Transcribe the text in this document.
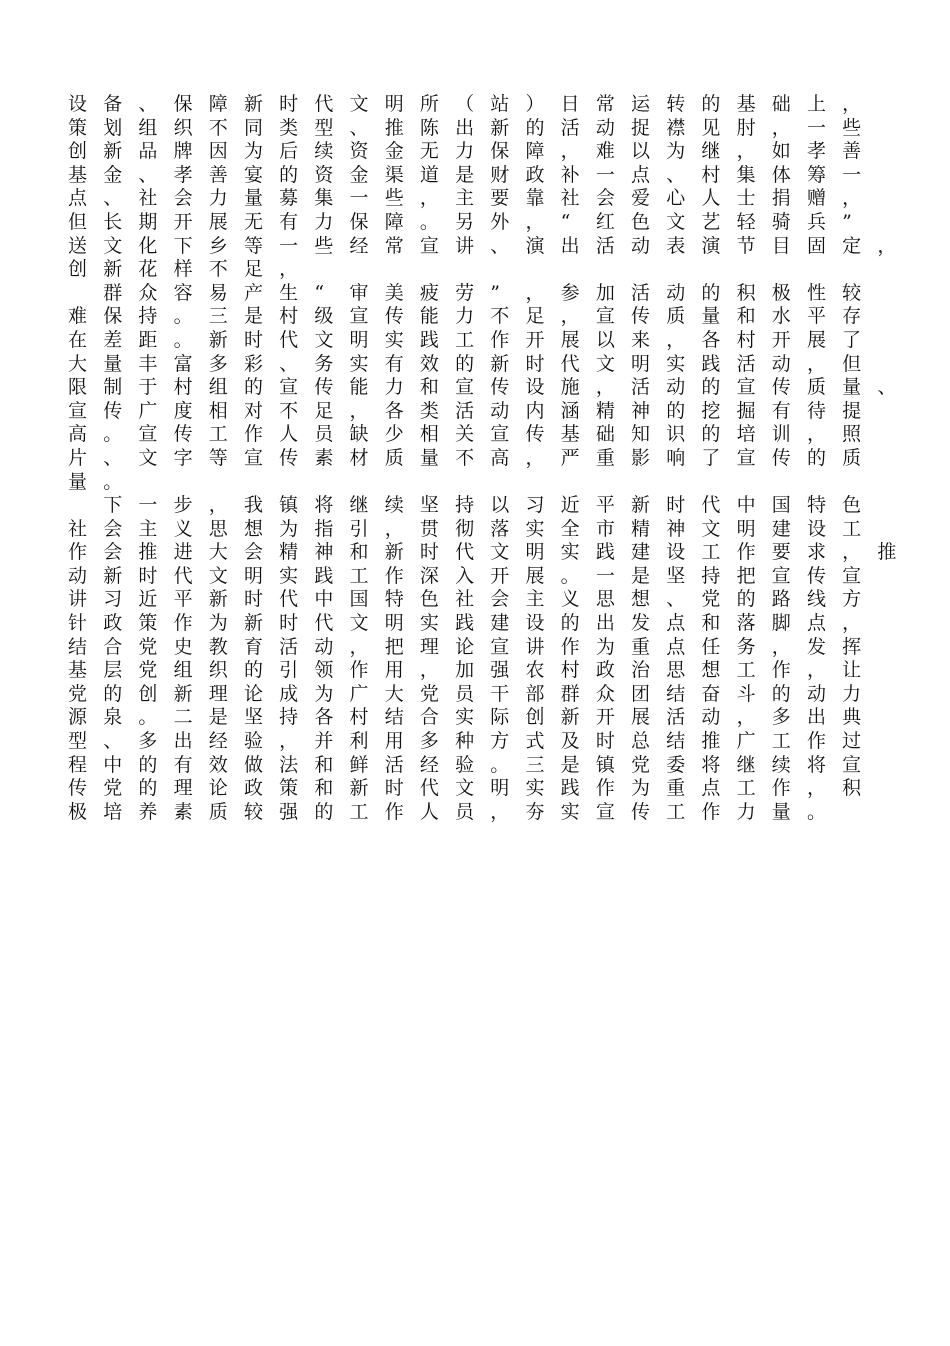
设 备 、 保 障 新 时 代 文 明 所 （ 站 ） 日 常 运 转 的 基 础 上 ，
策 划 组 织 不 同 类 型 、 推 陈 出 新 的 活 动 捉 襟 见 肘 ， 一 些
创 新 品 牌 因 为 后 续 资 金 无 力 保 障 ， 难 以 为 继 ， 如 孝 善
基 金 、 孝 善 宴 的 资 金 渠 道 是 财 政 补 一 点 、 村 集 体 筹 一
点 、 社 会 力 量 募 集 一 些 ， 主 要 靠 社 会 爱 心 人 士 捐 赠 ，
但 长 期 开 展 无 有 力 保 障 。 另 外 ， “	红 色 文 艺 轻 骑 兵 ”
送 文 化 下 乡 等 一 些 经 常 宣 讲 、 演 出 活 动 表 演 节 目 固 定 ，
创 新 花 样 不 足 ，

群 众 容 易 产 生 “	审 美 疲 劳 ”	， 参 加 活 动 的 积 极 性 较
难 保 持 。 三 是 村 级 宣 传 能 力 不 足 ， 宣 传 质 量 和 水 平 存
在 差 距 。 新 时 代 文 明 实 践 工 作 开 展 以 来 ， 各 村 开 展 了
大 量 丰 富 多 彩 、 务 实 有 效 的 新 时 代 文 明 实 践 活 动 ， 但
限 制 于 村 组 的 宣 传 能 力 和 宣 传 设 施 ， 活 动 的 宣 传 质 量 、
宣 传 广 度 相 对 不 足 ， 各 类 活 动 内 涵 精 神 的 挖 掘 有 待 提
高 。 宣 传 工 作 人 员 缺 少 相 关 宣 传 基 础 知 识 的 培 训 ， 照
片 、 文 字 等 宣 传 素 材 质 量 不 高 ， 严 重 影 响 了 宣 传 的 质
量 。

下 一 步 ， 我 镇 将 继 续 坚 持 以 习 近 平 新 时 代 中 国 特 色
社 会 主 义 思 想 为 指 引 ， 贯 彻 落 实 全 市 精 神 文 明 建 设 工
作 会 推 进 大 会 精 神 和 新 时 代 文 明 实 践 建 设 工 作 要 求 ， 推
动 新 时 代 文 明 实 践 工 作 深 入 开 展 。 一 是 坚 持 把 宣 传 宣
讲 习 近 平 新 时 代 中 国 特 色 社 会 主 义 思 想 、 党 的 路 线 方
针 政 策 作 为 新 时 代 文 明 实 践 建 设 的 出 发 点 和 落 脚 点 ，
结 合 党 史 教 育 活 动 ， 把 理 论 宣 讲 作 为 重 点 任 务 ， 发 挥
基 层 党 组 织 的 引 领 作 用 ， 加 强 农 村 政 治 思 想 工 作 ， 让
党 的 创 新 理 论 成 为 广 大 党 员 干 部 群 众 团 结 奋 斗 的 动 力
源 泉 。 二 是 坚 持 各 村 结 合 实 际 创 新 开 展 活 动 ， 多 出 典
型 、 多 出 经 验 ， 并 利 用 多 种 方 式 及 时 总 结 推 广 工 作 过
程 中 的 有 效 做 法 和 鲜 活 经 验 。 三 是 镇 党 委 将 继 续 将 宣
传 党 的 理 论 政 策 和 新 时 代 文 明 实 践 作 为 重 点 工 作 ， 积
极 培 养 素 质 较 强 的 工 作 人 员 ， 夯 实 宣 传 工 作 力 量 。
